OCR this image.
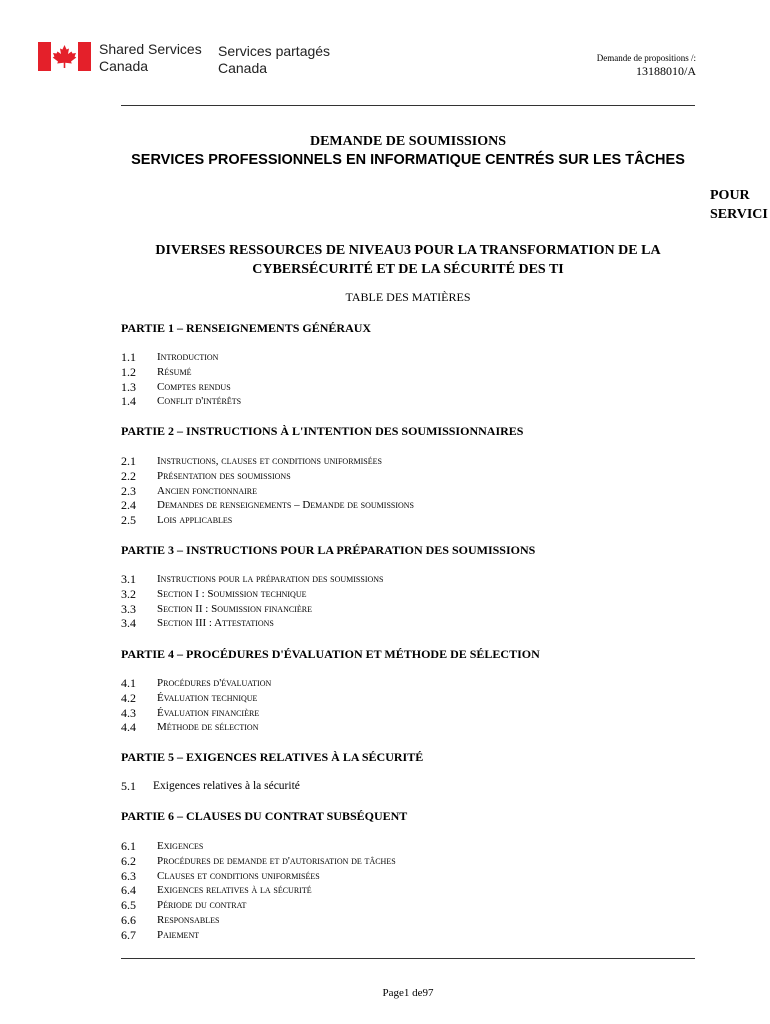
Shared Services
Canada
Services partagés
Canada
Demande de propositions /:
13188010/A
DEMANDE DE SOUMISSIONS
SERVICES PROFESSIONNELS EN INFORMATIQUE CENTRÉS SUR LES TÂCHES
POUR
SERVICI
DIVERSES RESSOURCES DE NIVEAU3 POUR LA TRANSFORMATION DE LA CYBERSÉCURITÉ ET DE LA SÉCURITÉ DES TI
TABLE DES MATIÈRES
PARTIE 1 – RENSEIGNEMENTS GÉNÉRAUX
1.1	Introduction
1.2	Résumé
1.3	Comptes rendus
1.4	Conflit d'intérêts
PARTIE 2 – INSTRUCTIONS À L'INTENTION DES SOUMISSIONNAIRES
2.1	Instructions, clauses et conditions uniformisées
2.2	Présentation des soumissions
2.3	Ancien fonctionnaire
2.4	Demandes de renseignements – Demande de soumissions
2.5	Lois applicables
PARTIE 3 – INSTRUCTIONS POUR LA PRÉPARATION DES SOUMISSIONS
3.1	Instructions pour la préparation des soumissions
3.2	Section I : Soumission technique
3.3	Section II : Soumission financière
3.4	Section III : Attestations
PARTIE 4 – PROCÉDURES D'ÉVALUATION ET MÉTHODE DE SÉLECTION
4.1	Procédures d'évaluation
4.2	Évaluation technique
4.3	Évaluation financière
4.4	Méthode de sélection
PARTIE 5 – EXIGENCES RELATIVES À LA SÉCURITÉ
5.1	Exigences relatives à la sécurité
PARTIE 6 – CLAUSES DU CONTRAT SUBSÉQUENT
6.1	Exigences
6.2	Procédures de demande et d'autorisation de tâches
6.3	Clauses et conditions uniformisées
6.4	Exigences relatives à la sécurité
6.5	Période du contrat
6.6	Responsables
6.7	Paiement
Page1 de97
